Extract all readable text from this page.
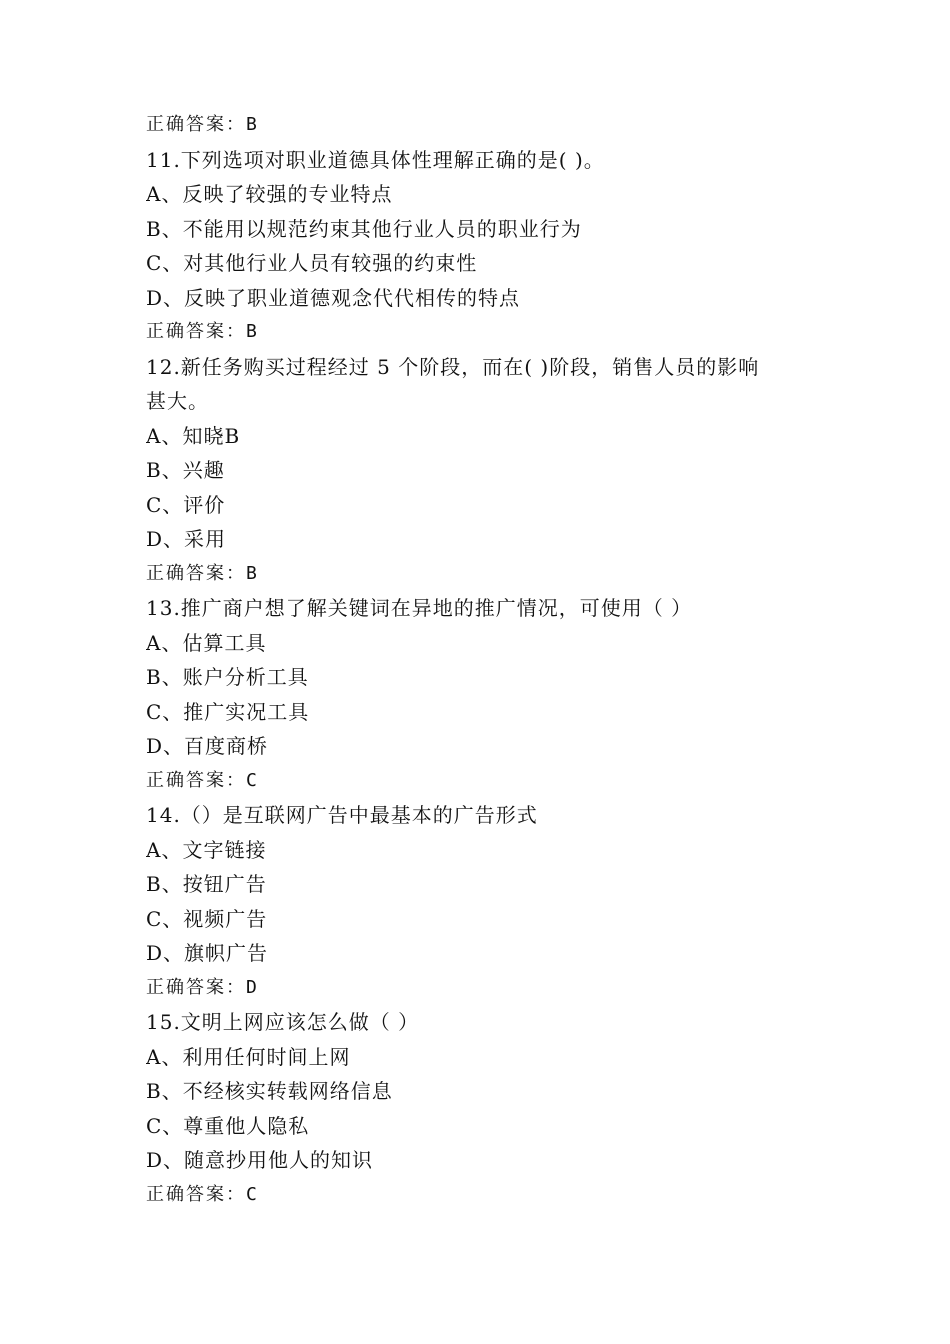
正确答案：B
11.下列选项对职业道德具体性理解正确的是( )。
A、反映了较强的专业特点
B、不能用以规范约束其他行业人员的职业行为
C、对其他行业人员有较强的约束性
D、反映了职业道德观念代代相传的特点
正确答案：B
12.新任务购买过程经过 5 个阶段，而在( )阶段，销售人员的影响
甚大。
A、知晓B
B、兴趣
C、评价
D、采用
正确答案：B
13.推广商户想了解关键词在异地的推广情况，可使用（ ）
A、估算工具
B、账户分析工具
C、推广实况工具
D、百度商桥
正确答案：C
14.（）是互联网广告中最基本的广告形式
A、文字链接
B、按钮广告
C、视频广告
D、旗帜广告
正确答案：D
15.文明上网应该怎么做（ ）
A、利用任何时间上网
B、不经核实转载网络信息
C、尊重他人隐私
D、随意抄用他人的知识
正确答案：C
